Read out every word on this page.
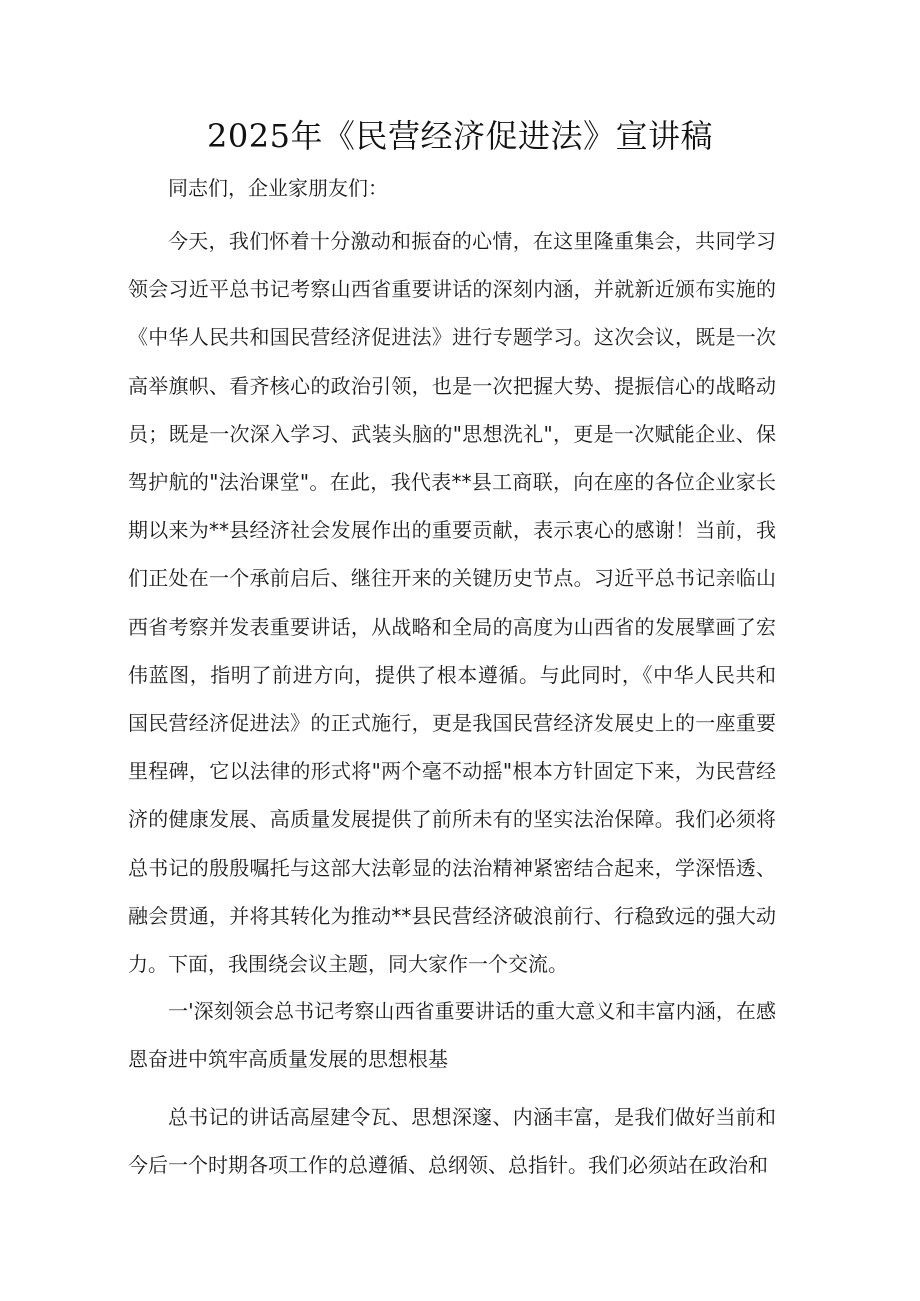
2025年《民营经济促进法》宣讲稿

同志们，企业家朋友们：

今天，我们怀着十分激动和振奋的心情，在这里隆重集会，共同学习领会习近平总书记考察山西省重要讲话的深刻内涵，并就新近颁布实施的《中华人民共和国民营经济促进法》进行专题学习。这次会议，既是一次高举旗帜、看齐核心的政治引领，也是一次把握大势、提振信心的战略动员；既是一次深入学习、武装头脑的"思想洗礼"，更是一次赋能企业、保驾护航的"法治课堂"。在此，我代表**县工商联，向在座的各位企业家长期以来为**县经济社会发展作出的重要贡献，表示衷心的感谢！当前，我们正处在一个承前启后、继往开来的关键历史节点。习近平总书记亲临山西省考察并发表重要讲话，从战略和全局的高度为山西省的发展擘画了宏伟蓝图，指明了前进方向，提供了根本遵循。与此同时，《中华人民共和国民营经济促进法》的正式施行，更是我国民营经济发展史上的一座重要里程碑，它以法律的形式将"两个毫不动摇"根本方针固定下来，为民营经济的健康发展、高质量发展提供了前所未有的坚实法治保障。我们必须将总书记的殷殷嘱托与这部大法彰显的法治精神紧密结合起来，学深悟透、融会贯通，并将其转化为推动**县民营经济破浪前行、行稳致远的强大动力。下面，我围绕会议主题，同大家作一个交流。

一'深刻领会总书记考察山西省重要讲话的重大意义和丰富内涵，在感恩奋进中筑牢高质量发展的思想根基

总书记的讲话高屋建令瓦、思想深邃、内涵丰富，是我们做好当前和今后一个时期各项工作的总遵循、总纲领、总指针。我们必须站在政治和
